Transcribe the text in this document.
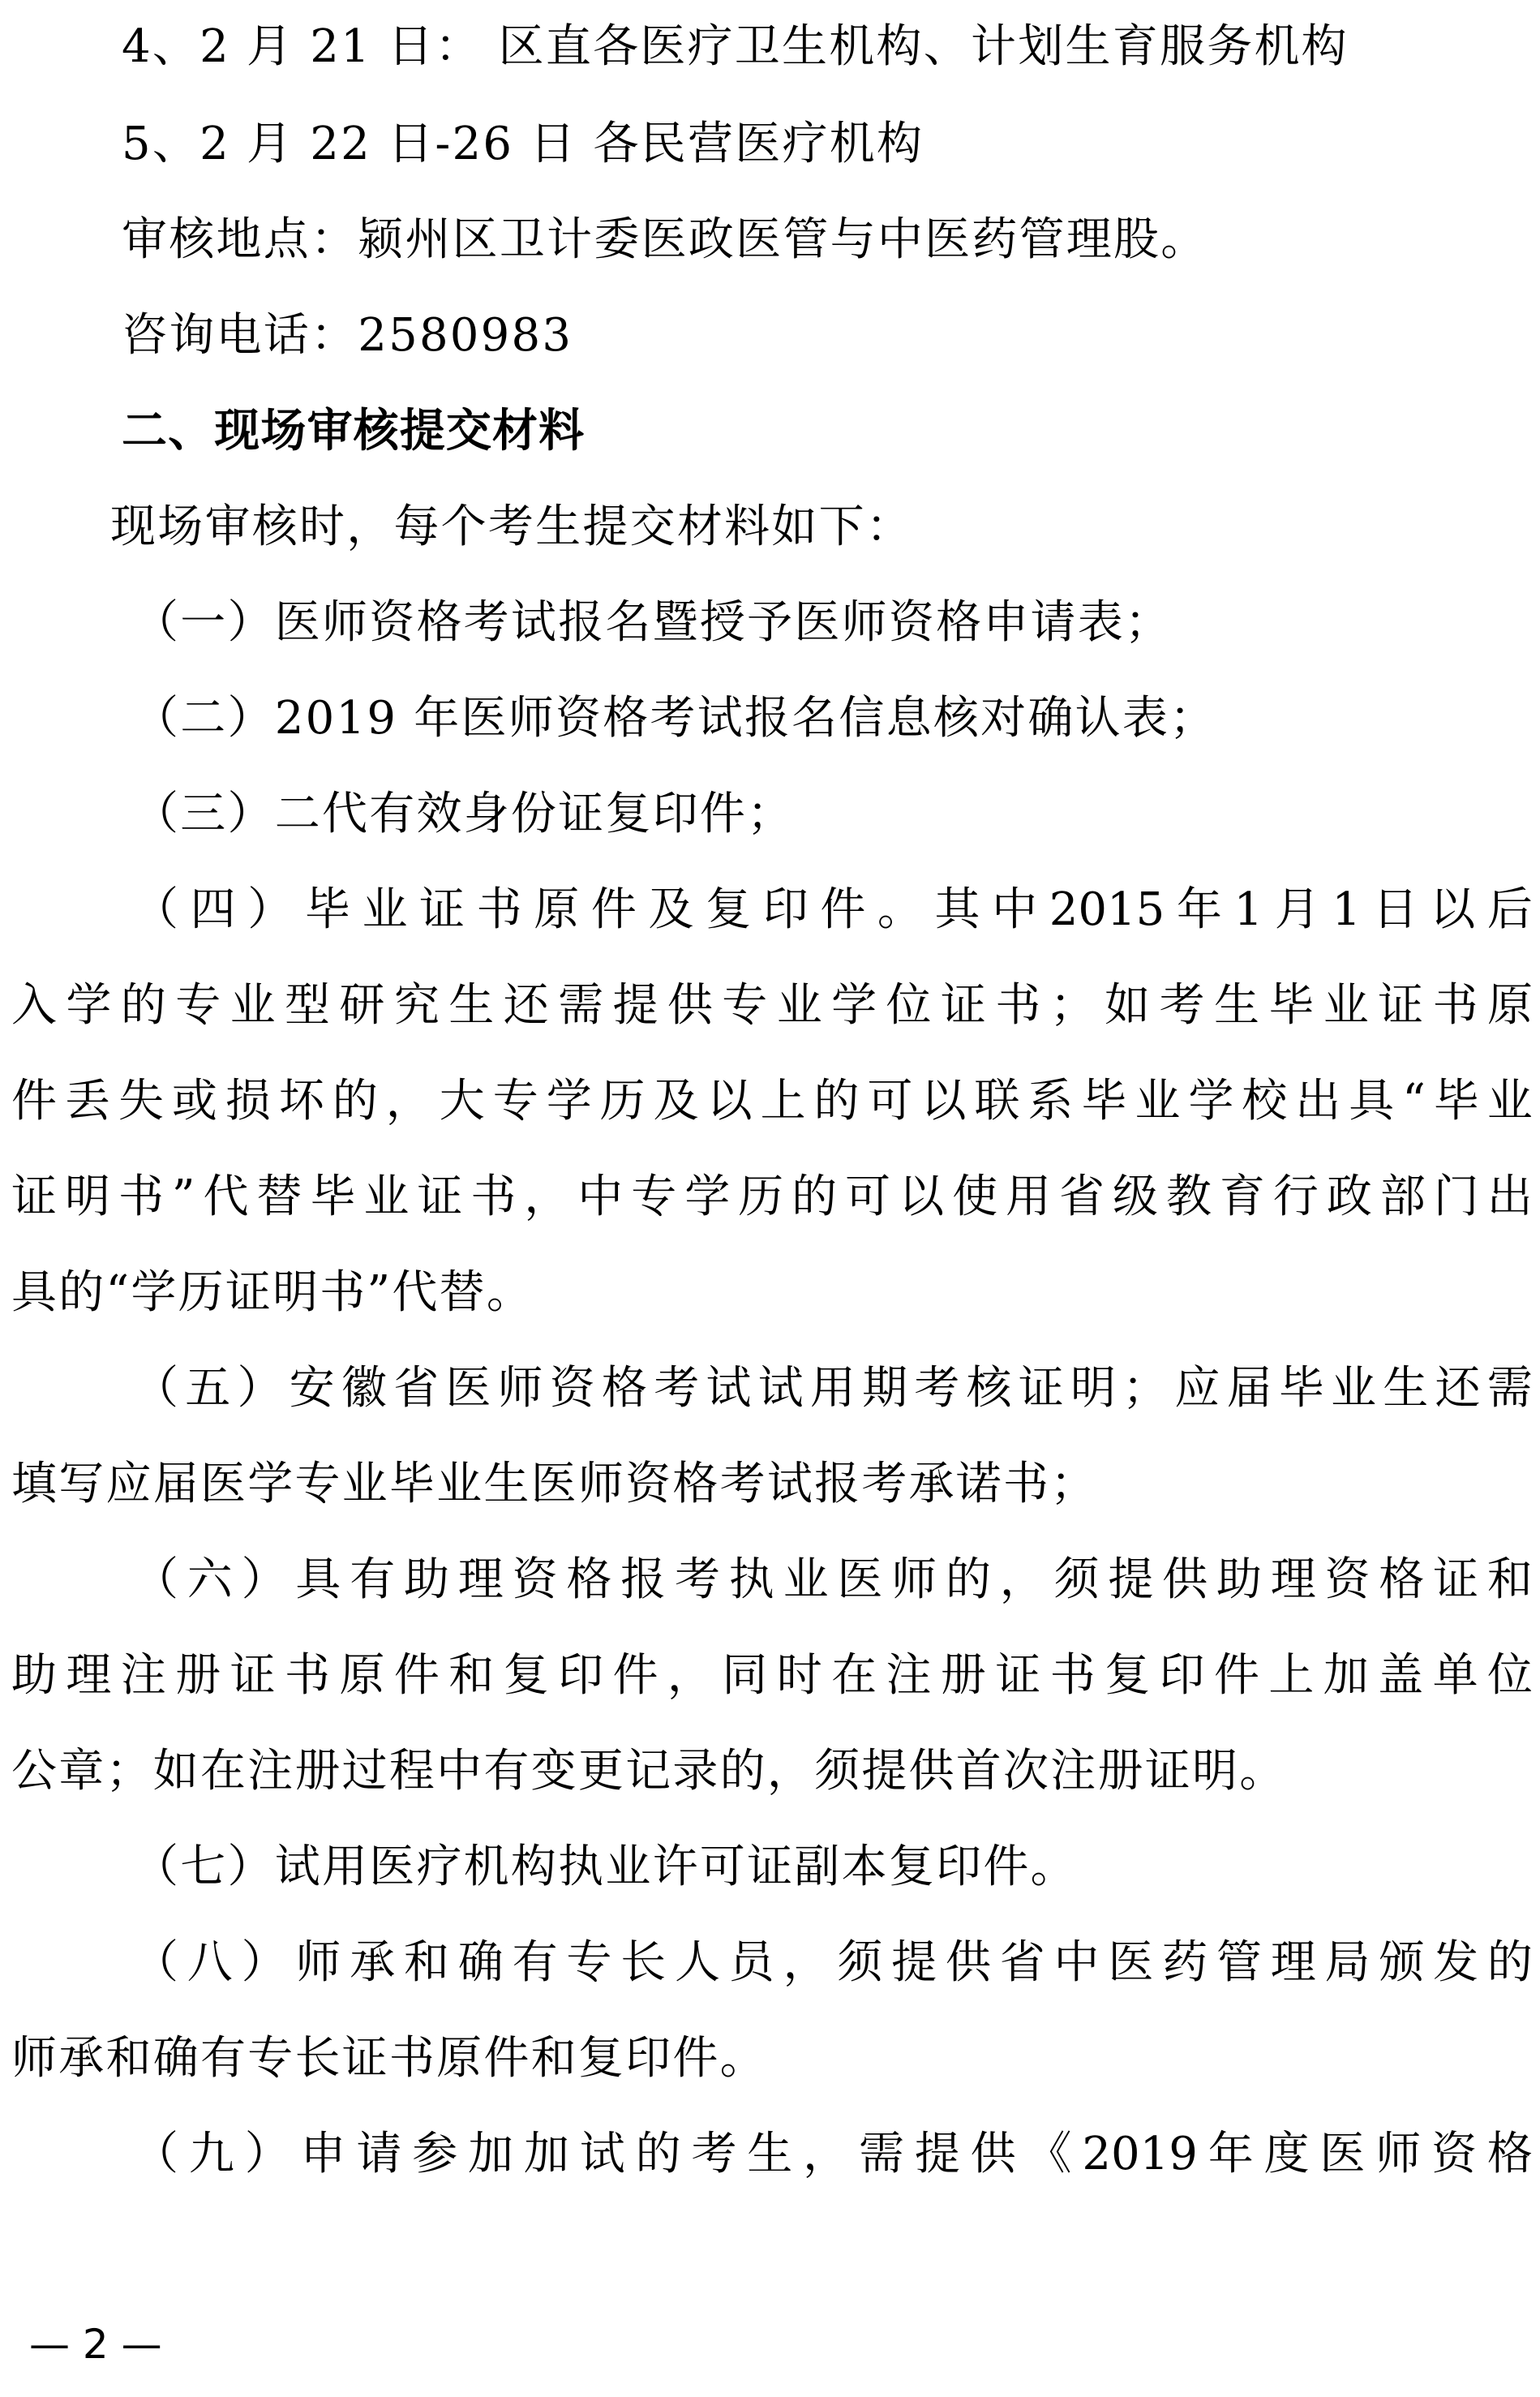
4、2 月 21 日： 区直各医疗卫生机构、计划生育服务机构
5、2 月 22 日-26 日 各民营医疗机构
审核地点：颍州区卫计委医政医管与中医药管理股。
咨询电话：2580983
二、现场审核提交材料
现场审核时，每个考生提交材料如下：
（一）医师资格考试报名暨授予医师资格申请表；
（二）2019 年医师资格考试报名信息核对确认表；
（三）二代有效身份证复印件；
（ 四 ） 毕 业 证 书 原 件 及 复 印 件 。 其 中 2015 年 1 月 1 日 以 后
入 学 的 专 业 型 研 究 生 还 需 提 供 专 业 学 位 证 书 ； 如 考 生 毕 业 证 书 原
件 丢 失 或 损 坏 的 ， 大 专 学 历 及 以 上 的 可 以 联 系 毕 业 学 校 出 具 “ 毕 业
证 明 书 ” 代 替 毕 业 证 书 ， 中 专 学 历 的 可 以 使 用 省 级 教 育 行 政 部 门 出
具的“学历证明书”代替。
（ 五 ） 安 徽 省 医 师 资 格 考 试 试 用 期 考 核 证 明 ； 应 届 毕 业 生 还 需
填写应届医学专业毕业生医师资格考试报考承诺书；
（ 六 ） 具 有 助 理 资 格 报 考 执 业 医 师 的 ， 须 提 供 助 理 资 格 证 和
助 理 注 册 证 书 原 件 和 复 印 件 ， 同 时 在 注 册 证 书 复 印 件 上 加 盖 单 位
公章；如在注册过程中有变更记录的，须提供首次注册证明。
（七）试用医疗机构执业许可证副本复印件。
（ 八 ） 师 承 和 确 有 专 长 人 员 ， 须 提 供 省 中 医 药 管 理 局 颁 发 的
师承和确有专长证书原件和复印件。
（ 九 ） 申 请 参 加 加 试 的 考 生 ， 需 提 供 《 2019 年 度 医 师 资 格
— 2 —
